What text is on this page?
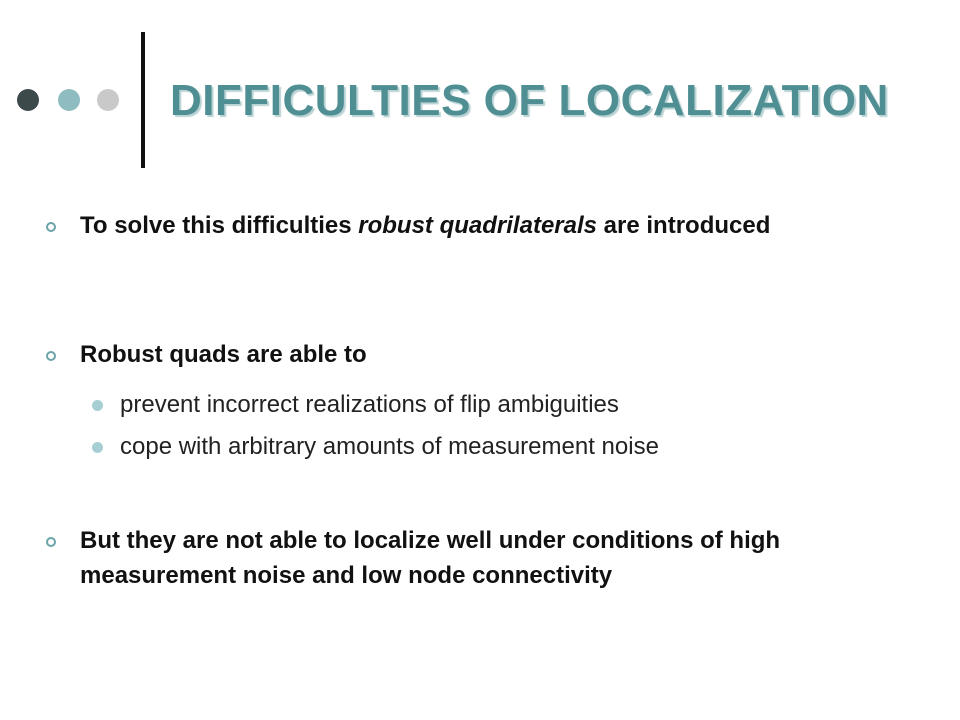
DIFFICULTIES OF LOCALIZATION
To solve this difficulties robust quadrilaterals are introduced
Robust quads are able to
prevent incorrect realizations of flip ambiguities
cope with arbitrary amounts of measurement noise
But they are not able to localize well under conditions of high measurement noise and low node connectivity
